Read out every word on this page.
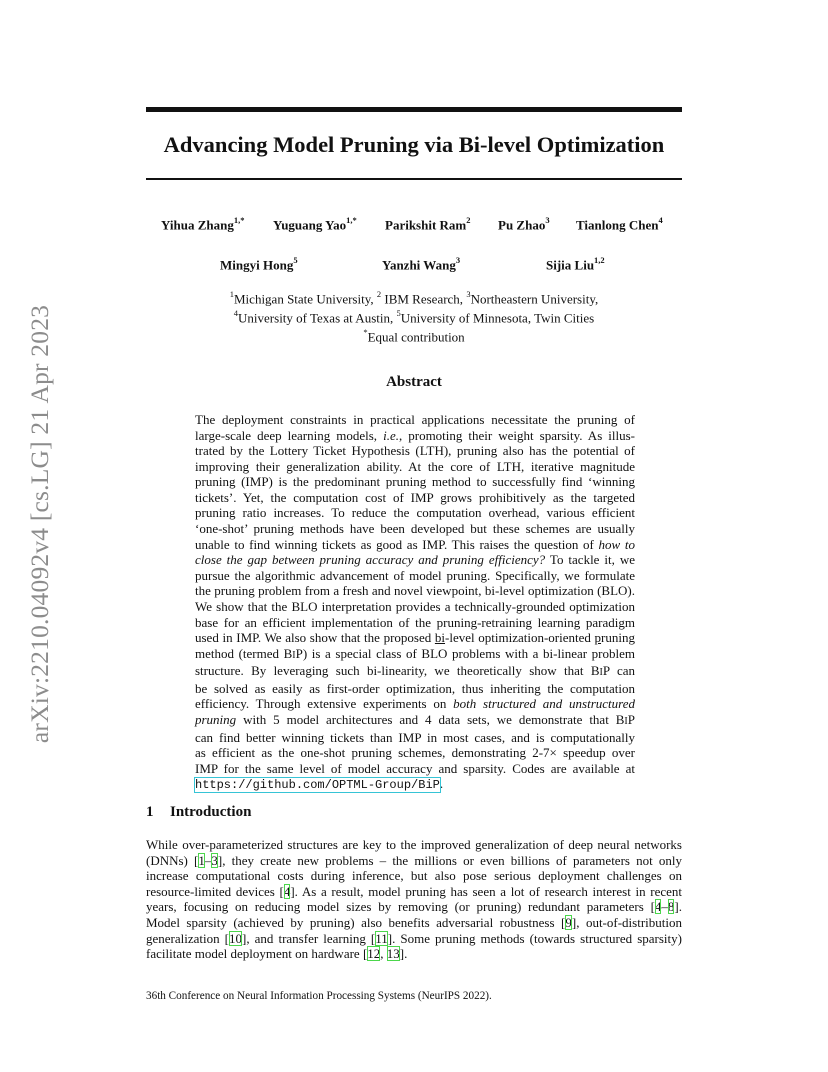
arXiv:2210.04092v4 [cs.LG] 21 Apr 2023
Advancing Model Pruning via Bi-level Optimization
Yihua Zhang$^{1,*}$ Yuguang Yao$^{1,*}$ Parikshit Ram$^2$ Pu Zhao$^3$ Tianlong Chen$^4$
Mingyi Hong$^5$	Yanzhi Wang$^3$	Sijia Liu$^{1,2}$
$^1$Michigan State University, $^2$ IBM Research, $^3$Northeastern University,
$^4$University of Texas at Austin, $^5$University of Minnesota, Twin Cities
*Equal contribution
Abstract
The deployment constraints in practical applications necessitate the pruning of
large-scale deep learning models, i.e., promoting their weight sparsity. As illus-
trated by the Lottery Ticket Hypothesis (LTH), pruning also has the potential of
improving their generalization ability. At the core of LTH, iterative magnitude
pruning (IMP) is the predominant pruning method to successfully find ‘winning
tickets’. Yet, the computation cost of IMP grows prohibitively as the targeted
pruning ratio increases. To reduce the computation overhead, various efficient
‘one-shot’ pruning methods have been developed but these schemes are usually
unable to find winning tickets as good as IMP. This raises the question of how to
close the gap between pruning accuracy and pruning efficiency? To tackle it, we
pursue the algorithmic advancement of model pruning. Specifically, we formulate
the pruning problem from a fresh and novel viewpoint, bi-level optimization (BLO).
We show that the BLO interpretation provides a technically-grounded optimization
base for an efficient implementation of the pruning-retraining learning paradigm
used in IMP. We also show that the proposed bi-level optimization-oriented pruning
method (termed BIP) is a special class of BLO problems with a bi-linear problem
structure. By leveraging such bi-linearity, we theoretically show that BIP can
be solved as easily as first-order optimization, thus inheriting the computation
efficiency. Through extensive experiments on both structured and unstructured
pruning with 5 model architectures and 4 data sets, we demonstrate that BIP
can find better winning tickets than IMP in most cases, and is computationally
as efficient as the one-shot pruning schemes, demonstrating 2-7× speedup over
IMP for the same level of model accuracy and sparsity. Codes are available at
https://github.com/OPTML-Group/BiP.
1 Introduction
While over-parameterized structures are key to the improved generalization of deep neural networks
(DNNs) [1–3], they create new problems – the millions or even billions of parameters not only
increase computational costs during inference, but also pose serious deployment challenges on
resource-limited devices [4]. As a result, model pruning has seen a lot of research interest in recent
years, focusing on reducing model sizes by removing (or pruning) redundant parameters [4–8].
Model sparsity (achieved by pruning) also benefits adversarial robustness [9], out-of-distribution
generalization [10], and transfer learning [11]. Some pruning methods (towards structured sparsity)
facilitate model deployment on hardware [12, 13].
36th Conference on Neural Information Processing Systems (NeurIPS 2022).
